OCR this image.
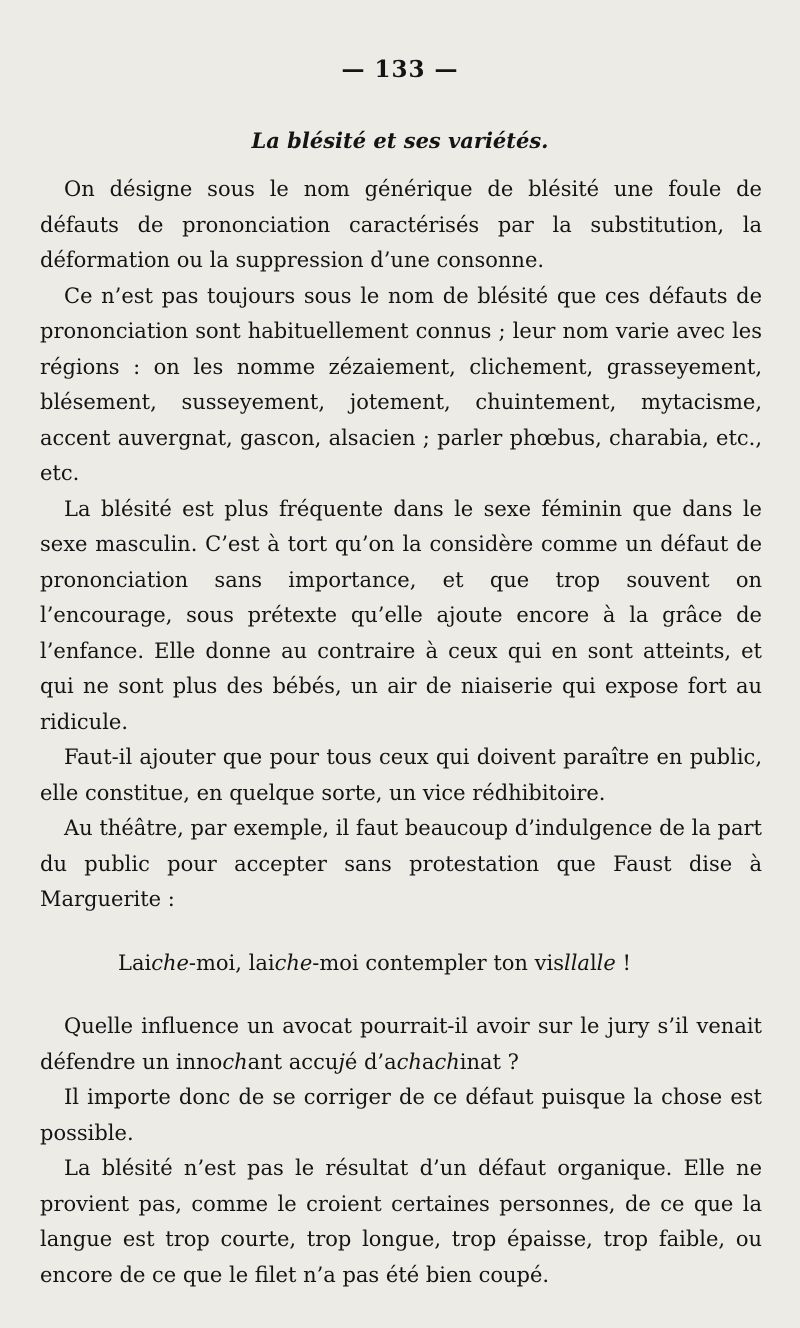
— 133 —
La blésité et ses variétés.

On désigne sous le nom générique de blésité une foule de défauts de prononciation caractérisés par la substitution, la déformation ou la suppression d’une consonne.

Ce n’est pas toujours sous le nom de blésité que ces défauts de prononciation sont habituellement connus ; leur nom varie avec les régions : on les nomme zézaiement, clichement, grasseyement, blésement, susseyement, jotement, chuintement, mytacisme, accent auvergnat, gascon, alsacien ; parler phœbus, charabia, etc., etc.

La blésité est plus fréquente dans le sexe féminin que dans le sexe masculin. C’est à tort qu’on la considère comme un défaut de prononciation sans importance, et que trop souvent on l’encourage, sous prétexte qu’elle ajoute encore à la grâce de l’enfance. Elle donne au contraire à ceux qui en sont atteints, et qui ne sont plus des bébés, un air de niaiserie qui expose fort au ridicule.

Faut-il ajouter que pour tous ceux qui doivent paraître en public, elle constitue, en quelque sorte, un vice rédhibitoire.

Au théâtre, par exemple, il faut beaucoup d’indulgence de la part du public pour accepter sans protestation que Faust dise à Marguerite :

Laiche-moi, laiche-moi contempler ton visllalle !

Quelle influence un avocat pourrait-il avoir sur le jury s’il venait défendre un innochant accujé d’achachinat ?

Il importe donc de se corriger de ce défaut puisque la chose est possible.

La blésité n’est pas le résultat d’un défaut organique. Elle ne provient pas, comme le croient certaines personnes, de ce que la langue est trop courte, trop longue, trop épaisse, trop faible, ou encore de ce que le filet n’a pas été bien coupé.
